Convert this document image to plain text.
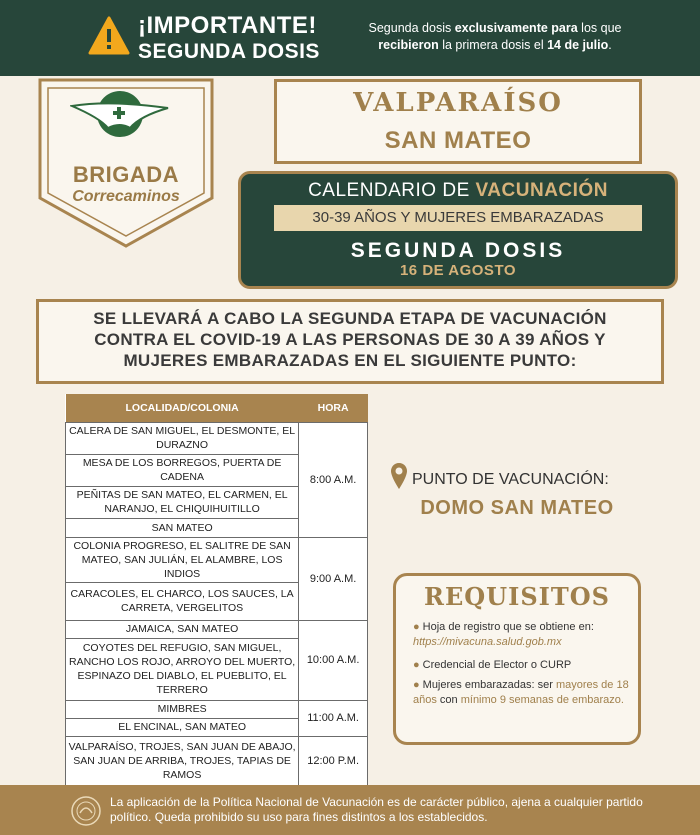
¡IMPORTANTE!
SEGUNDA DOSIS
Segunda dosis exclusivamente para los que
recibieron la primera dosis el 14 de julio.
BRIGADA
Correcaminos
VALPARAÍSO
SAN MATEO
CALENDARIO DE VACUNACIÓN
30-39 AÑOS Y MUJERES EMBARAZADAS
SEGUNDA DOSIS
16 DE AGOSTO
SE LLEVARÁ A CABO LA SEGUNDA ETAPA DE VACUNACIÓN
CONTRA EL COVID-19 A LAS PERSONAS DE 30 A 39 AÑOS Y
MUJERES EMBARAZADAS EN EL SIGUIENTE PUNTO:
LOCALIDAD/COLONIA	HORA
CALERA DE SAN MIGUEL, EL DESMONTE, EL DURAZNO	8:00 A.M.
MESA DE LOS BORREGOS, PUERTA DE CADENA	
PEÑITAS DE SAN MATEO, EL CARMEN, EL NARANJO, EL CHIQUIHUITILLO	
SAN MATEO	
COLONIA PROGRESO, EL SALITRE DE SAN MATEO, SAN JULIÁN, EL ALAMBRE, LOS INDIOS	9:00 A.M.
CARACOLES, EL CHARCO, LOS SAUCES, LA CARRETA, VERGELITOS	
JAMAICA, SAN MATEO	10:00 A.M.
COYOTES DEL REFUGIO, SAN MIGUEL, RANCHO LOS ROJO, ARROYO DEL MUERTO, ESPINAZO DEL DIABLO, EL PUEBLITO, EL TERRERO	
MIMBRES	11:00 A.M.
EL ENCINAL, SAN MATEO	
VALPARAÍSO, TROJES, SAN JUAN DE ABAJO, SAN JUAN DE ARRIBA, TROJES, TAPIAS DE RAMOS	12:00 P.M.
PUNTO DE VACUNACIÓN:
DOMO SAN MATEO
REQUISITOS
● Hoja de registro que se obtiene en: https://mivacuna.salud.gob.mx
● Credencial de Elector o CURP
● Mujeres embarazadas: ser mayores de 18 años con mínimo 9 semanas de embarazo.
La aplicación de la Política Nacional de Vacunación es de carácter público, ajena a cualquier partido político. Queda prohibido su uso para fines distintos a los establecidos.
